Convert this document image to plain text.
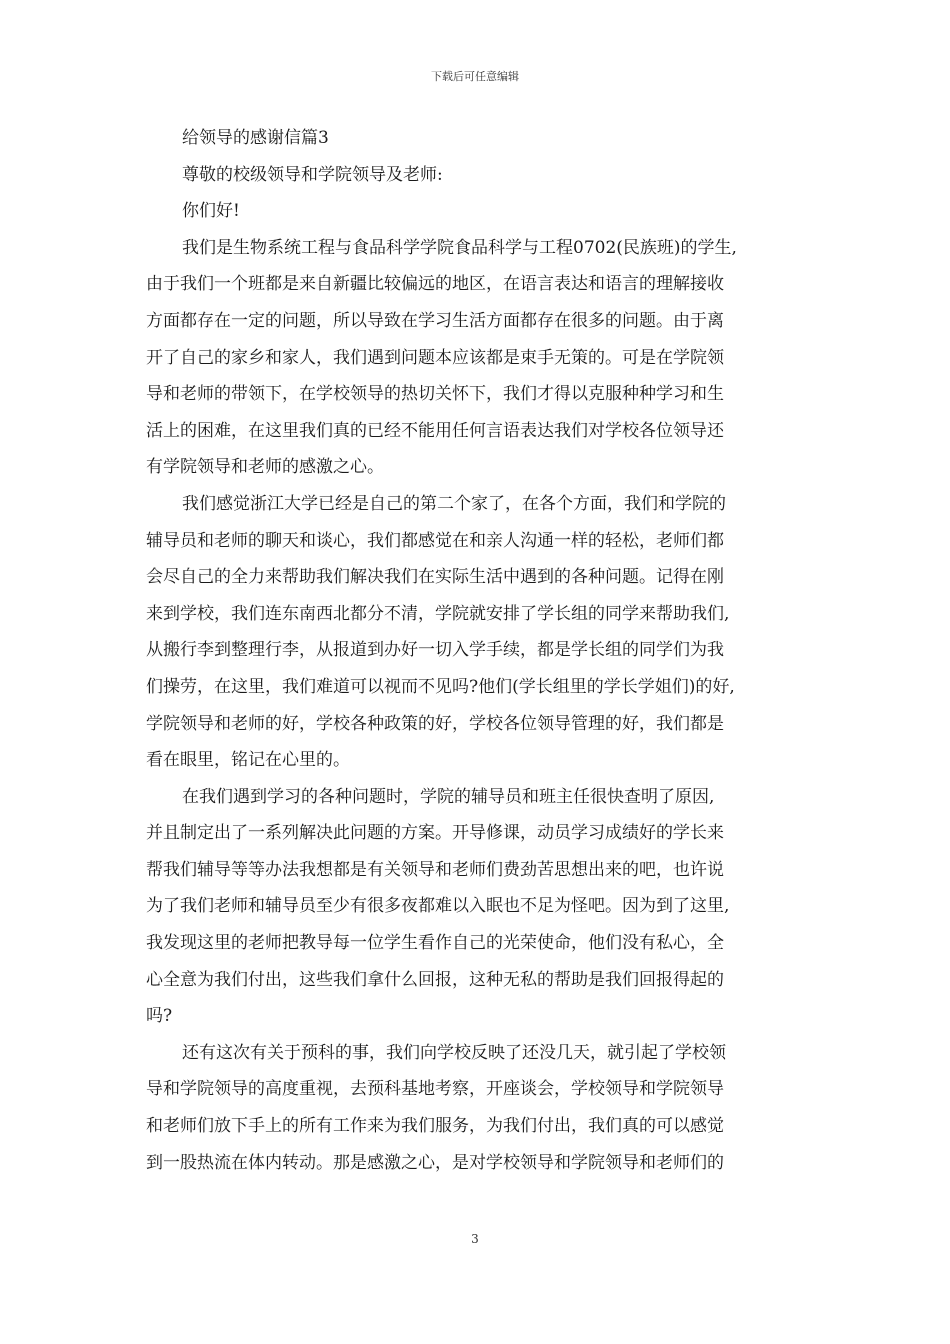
下载后可任意编辑
给领导的感谢信篇3
尊敬的校级领导和学院领导及老师:
你们好!
我们是生物系统工程与食品科学学院食品科学与工程0702(民族班)的学生,
由于我们一个班都是来自新疆比较偏远的地区，在语言表达和语言的理解接收
方面都存在一定的问题，所以导致在学习生活方面都存在很多的问题。由于离
开了自己的家乡和家人，我们遇到问题本应该都是束手无策的。可是在学院领
导和老师的带领下，在学校领导的热切关怀下，我们才得以克服种种学习和生
活上的困难，在这里我们真的已经不能用任何言语表达我们对学校各位领导还
有学院领导和老师的感激之心。
我们感觉浙江大学已经是自己的第二个家了，在各个方面，我们和学院的
辅导员和老师的聊天和谈心，我们都感觉在和亲人沟通一样的轻松，老师们都
会尽自己的全力来帮助我们解决我们在实际生活中遇到的各种问题。记得在刚
来到学校，我们连东南西北都分不清，学院就安排了学长组的同学来帮助我们,
从搬行李到整理行李，从报道到办好一切入学手续，都是学长组的同学们为我
们操劳，在这里，我们难道可以视而不见吗?他们(学长组里的学长学姐们)的好,
学院领导和老师的好，学校各种政策的好，学校各位领导管理的好，我们都是
看在眼里，铭记在心里的。
在我们遇到学习的各种问题时，学院的辅导员和班主任很快查明了原因,
并且制定出了一系列解决此问题的方案。开导修课，动员学习成绩好的学长来
帮我们辅导等等办法我想都是有关领导和老师们费劲苦思想出来的吧，也许说
为了我们老师和辅导员至少有很多夜都难以入眠也不足为怪吧。因为到了这里,
我发现这里的老师把教导每一位学生看作自己的光荣使命，他们没有私心，全
心全意为我们付出，这些我们拿什么回报，这种无私的帮助是我们回报得起的
吗?
还有这次有关于预科的事，我们向学校反映了还没几天，就引起了学校领
导和学院领导的高度重视，去预科基地考察，开座谈会，学校领导和学院领导
和老师们放下手上的所有工作来为我们服务，为我们付出，我们真的可以感觉
到一股热流在体内转动。那是感激之心，是对学校领导和学院领导和老师们的
3
